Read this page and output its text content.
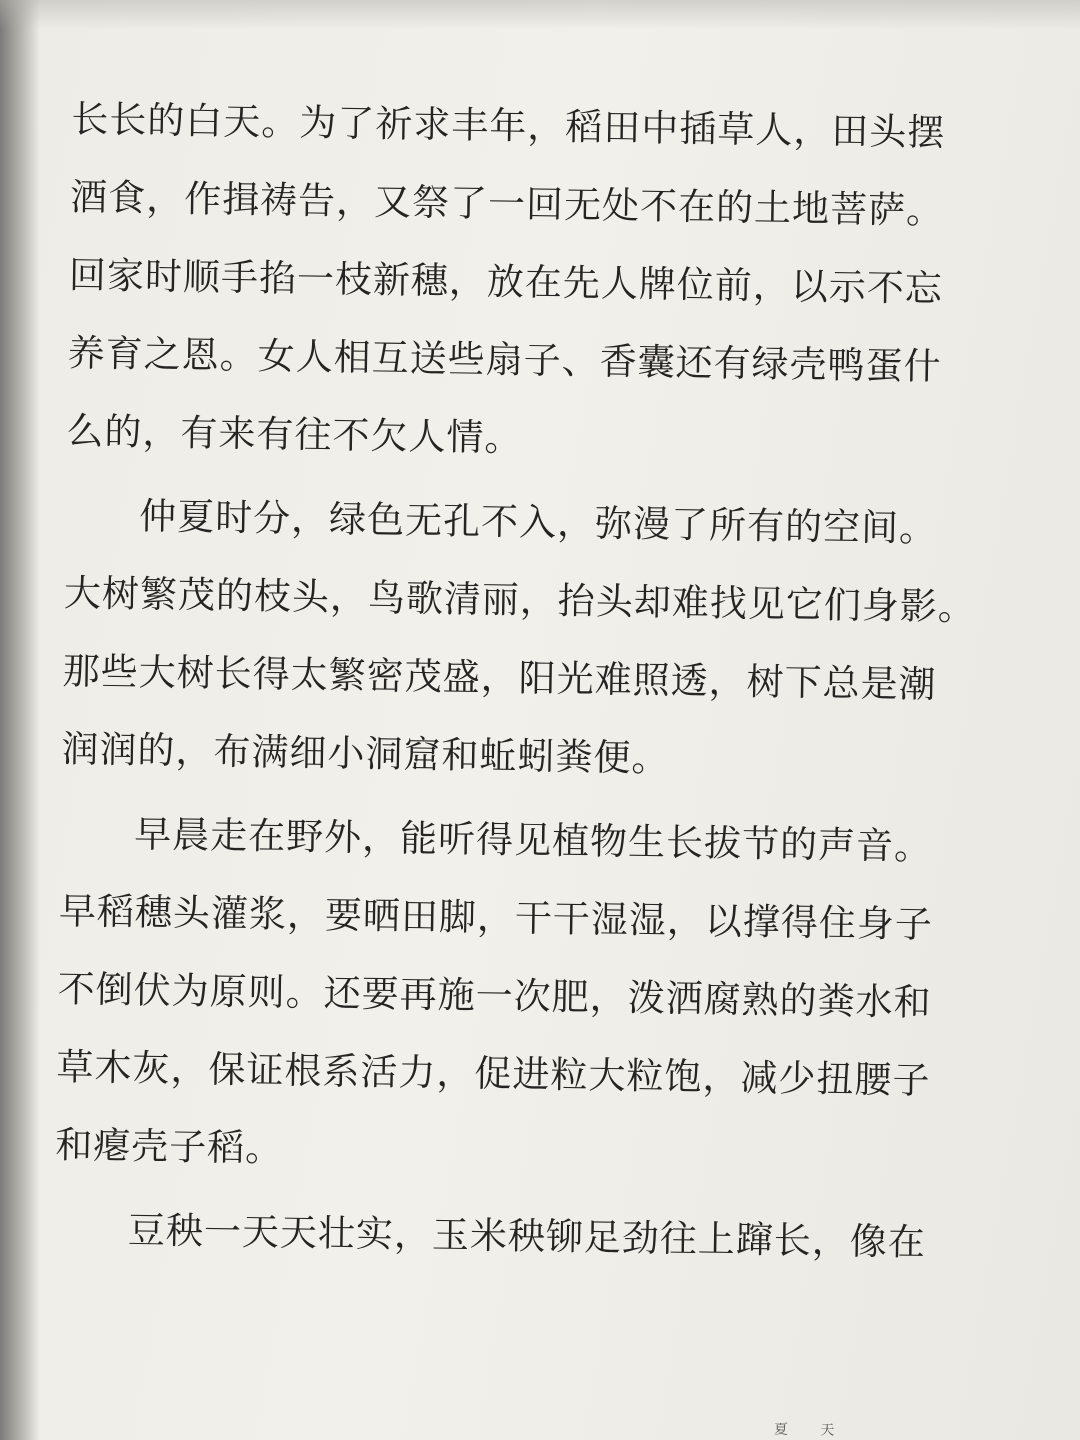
长长的白天。为了祈求丰年，稻田中插草人，田头摆
酒食，作揖祷告，又祭了一回无处不在的土地菩萨。
回家时顺手掐一枝新穗，放在先人牌位前，以示不忘
养育之恩。女人相互送些扇子、香囊还有绿壳鸭蛋什
么的，有来有往不欠人情。

仲夏时分，绿色无孔不入，弥漫了所有的空间。
大树繁茂的枝头，鸟歌清丽，抬头却难找见它们身影。
那些大树长得太繁密茂盛，阳光难照透，树下总是潮
润润的，布满细小洞窟和蚯蚓粪便。

早晨走在野外，能听得见植物生长拔节的声音。
早稻穗头灌浆，要晒田脚，干干湿湿，以撑得住身子
不倒伏为原则。还要再施一次肥，泼洒腐熟的粪水和
草木灰，保证根系活力，促进粒大粒饱，减少扭腰子
和瘪壳子稻。

豆秧一天天壮实，玉米秧铆足劲往上蹿长，像在

夏 天
